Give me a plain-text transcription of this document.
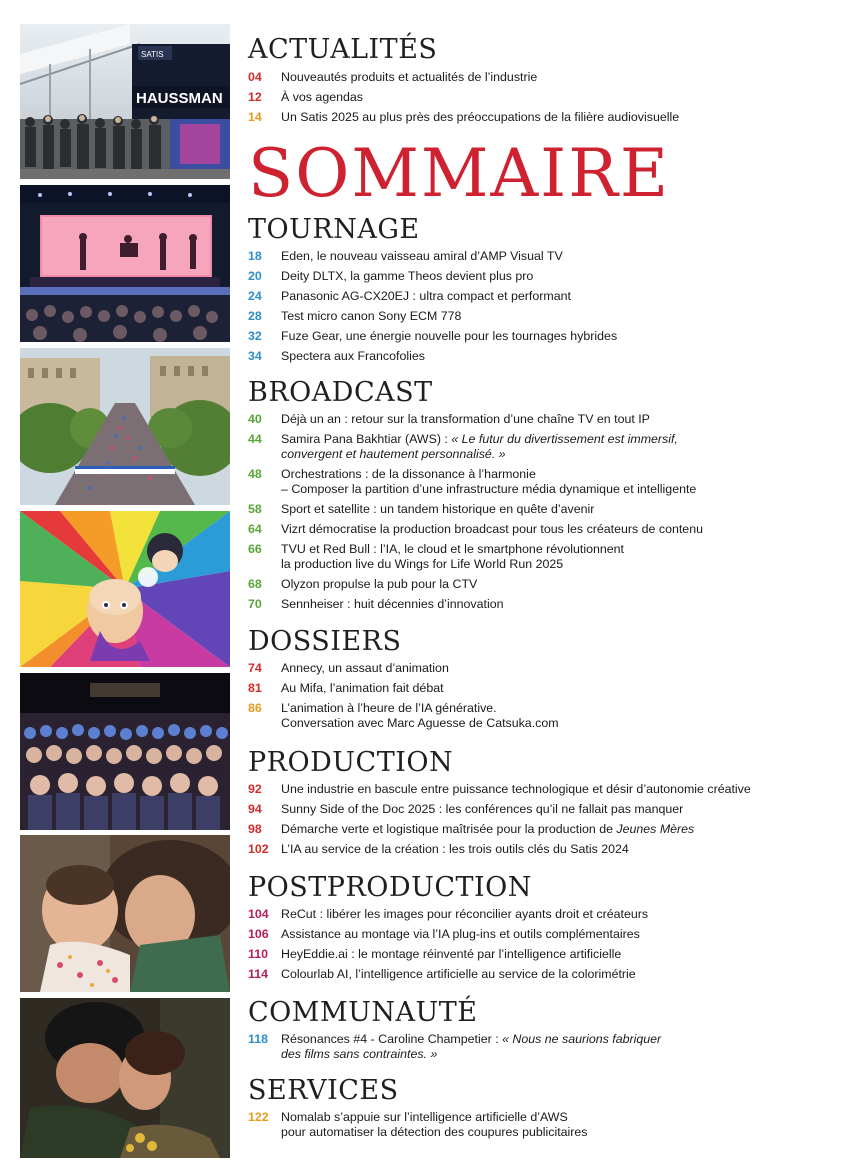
SATIS
HAUSSMAN
SOMMAIRE
ACTUALITÉS
04	Nouveautés produits et actualités de l’industrie
12	À vos agendas
14	Un Satis 2025 au plus près des préoccupations de la filière audiovisuelle
TOURNAGE
18	Eden, le nouveau vaisseau amiral d’AMP Visual TV
20	Deity DLTX, la gamme Theos devient plus pro
24	Panasonic AG-CX20EJ : ultra compact et performant
28	Test micro canon Sony ECM 778
32	Fuze Gear, une énergie nouvelle pour les tournages hybrides
34	Spectera aux Francofolies
BROADCAST
40	Déjà un an : retour sur la transformation d’une chaîne TV en tout IP
44	Samira Pana Bakhtiar (AWS) : « Le futur du divertissement est immersif,
convergent et hautement personnalisé. »
48	Orchestrations : de la dissonance à l’harmonie
– Composer la partition d’une infrastructure média dynamique et intelligente
58	Sport et satellite : un tandem historique en quête d’avenir
64	Vizrt démocratise la production broadcast pour tous les créateurs de contenu
66	TVU et Red Bull : l’IA, le cloud et le smartphone révolutionnent
la production live du Wings for Life World Run 2025
68	Olyzon propulse la pub pour la CTV
70	Sennheiser : huit décennies d’innovation
DOSSIERS
74	Annecy, un assaut d’animation
81	Au Mifa, l’animation fait débat
86	L’animation à l’heure de l’IA générative.
Conversation avec Marc Aguesse de Catsuka.com
PRODUCTION
92	Une industrie en bascule entre puissance technologique et désir d’autonomie créative
94	Sunny Side of the Doc 2025 : les conférences qu’il ne fallait pas manquer
98	Démarche verte et logistique maîtrisée pour la production de Jeunes Mères
102 L’IA au service de la création : les trois outils clés du Satis 2024
POSTPRODUCTION
104 ReCut : libérer les images pour réconcilier ayants droit et créateurs
106 Assistance au montage via l’IA plug-ins et outils complémentaires
110	HeyEddie.ai : le montage réinventé par l’intelligence artificielle
114	Colourlab AI, l’intelligence artificielle au service de la colorimétrie
COMMUNAUTÉ
118	Résonances #4 - Caroline Champetier : « Nous ne saurions fabriquer
des films sans contraintes. »
SERVICES
122 Nomalab s’appuie sur l’intelligence artificielle d’AWS
pour automatiser la détection des coupures publicitaires
